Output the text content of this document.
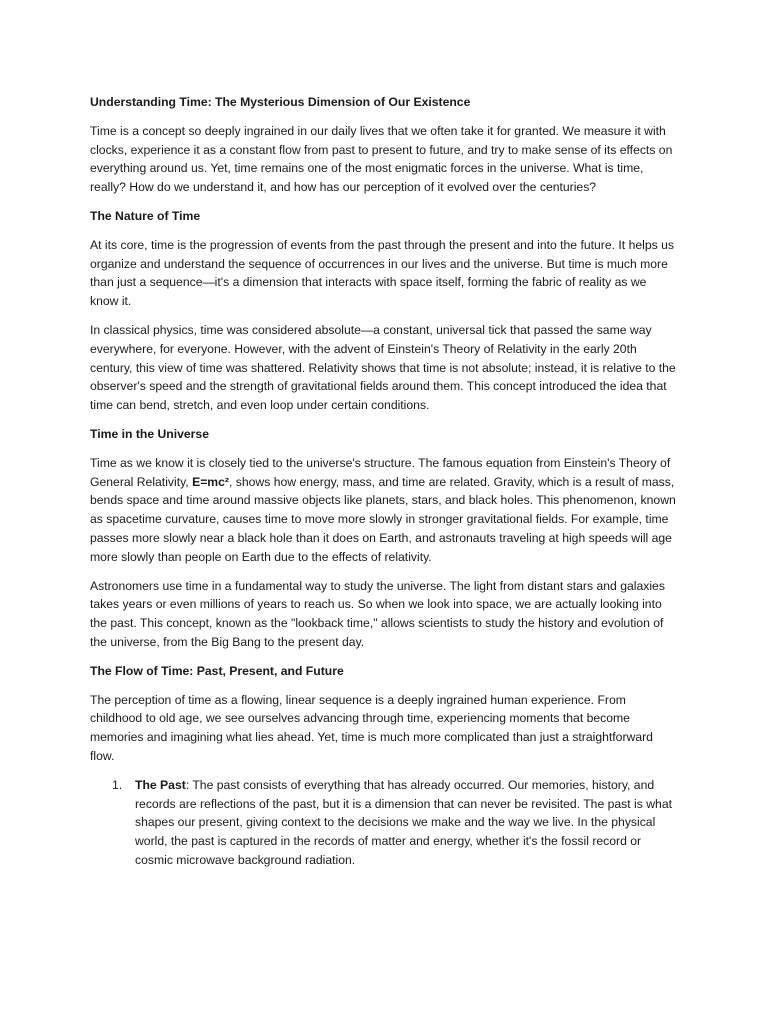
Understanding Time: The Mysterious Dimension of Our Existence

Time is a concept so deeply ingrained in our daily lives that we often take it for granted. We measure it with clocks, experience it as a constant flow from past to present to future, and try to make sense of its effects on everything around us. Yet, time remains one of the most enigmatic forces in the universe. What is time, really? How do we understand it, and how has our perception of it evolved over the centuries?

The Nature of Time

At its core, time is the progression of events from the past through the present and into the future. It helps us organize and understand the sequence of occurrences in our lives and the universe. But time is much more than just a sequence—it's a dimension that interacts with space itself, forming the fabric of reality as we know it.

In classical physics, time was considered absolute—a constant, universal tick that passed the same way everywhere, for everyone. However, with the advent of Einstein's Theory of Relativity in the early 20th century, this view of time was shattered. Relativity shows that time is not absolute; instead, it is relative to the observer's speed and the strength of gravitational fields around them. This concept introduced the idea that time can bend, stretch, and even loop under certain conditions.

Time in the Universe

Time as we know it is closely tied to the universe's structure. The famous equation from Einstein's Theory of General Relativity, E=mc², shows how energy, mass, and time are related. Gravity, which is a result of mass, bends space and time around massive objects like planets, stars, and black holes. This phenomenon, known as spacetime curvature, causes time to move more slowly in stronger gravitational fields. For example, time passes more slowly near a black hole than it does on Earth, and astronauts traveling at high speeds will age more slowly than people on Earth due to the effects of relativity.

Astronomers use time in a fundamental way to study the universe. The light from distant stars and galaxies takes years or even millions of years to reach us. So when we look into space, we are actually looking into the past. This concept, known as the "lookback time," allows scientists to study the history and evolution of the universe, from the Big Bang to the present day.

The Flow of Time: Past, Present, and Future

The perception of time as a flowing, linear sequence is a deeply ingrained human experience. From childhood to old age, we see ourselves advancing through time, experiencing moments that become memories and imagining what lies ahead. Yet, time is much more complicated than just a straightforward flow.

1. The Past: The past consists of everything that has already occurred. Our memories, history, and records are reflections of the past, but it is a dimension that can never be revisited. The past is what shapes our present, giving context to the decisions we make and the way we live. In the physical world, the past is captured in the records of matter and energy, whether it's the fossil record or cosmic microwave background radiation.
